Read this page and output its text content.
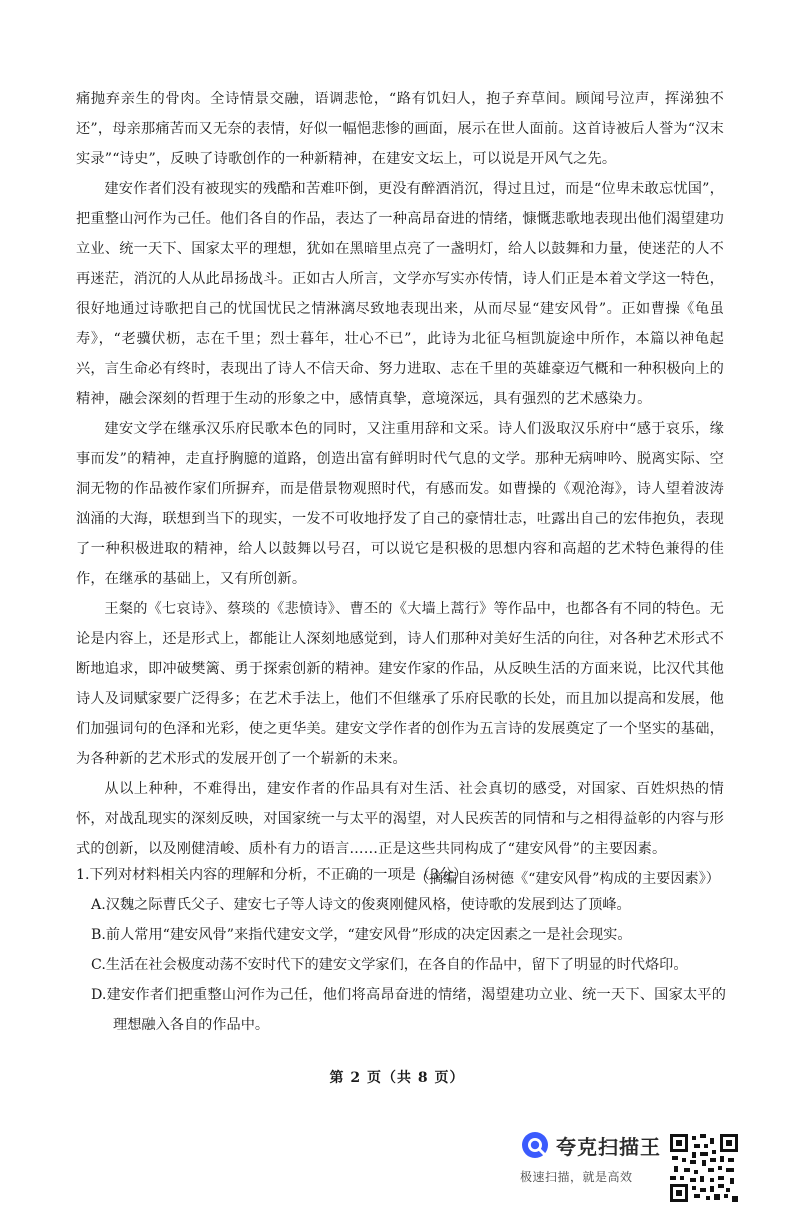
痛抛弃亲生的骨肉。全诗情景交融，语调悲怆，“路有饥妇人，抱子弃草间。顾闻号泣声，挥涕独不还”，母亲那痛苦而又无奈的表情，好似一幅悒悲惨的画面，展示在世人面前。这首诗被后人誉为“汉末实录”“诗史”，反映了诗歌创作的一种新精神，在建安文坛上，可以说是开风气之先。

建安作者们没有被现实的残酷和苦难吓倒，更没有醉酒消沉，得过且过，而是“位卑未敢忘忧国”，把重整山河作为己任。他们各自的作品，表达了一种高昂奋进的情绪，慷慨悲歌地表现出他们渴望建功立业、统一天下、国家太平的理想，犹如在黑暗里点亮了一盏明灯，给人以鼓舞和力量，使迷茫的人不再迷茫，消沉的人从此昂扬战斗。正如古人所言，文学亦写实亦传情，诗人们正是本着文学这一特色，很好地通过诗歌把自己的忧国忧民之情淋漓尽致地表现出来，从而尽显“建安风骨”。正如曹操《龟虽寿》，“老骥伏枥，志在千里；烈士暮年，壮心不已”，此诗为北征乌桓凯旋途中所作，本篇以神龟起兴，言生命必有终时，表现出了诗人不信天命、努力进取、志在千里的英雄豪迈气概和一种积极向上的精神，融会深刻的哲理于生动的形象之中，感情真挚，意境深远，具有强烈的艺术感染力。

建安文学在继承汉乐府民歌本色的同时，又注重用辞和文采。诗人们汲取汉乐府中“感于哀乐，缘事而发”的精神，走直抒胸臆的道路，创造出富有鲜明时代气息的文学。那种无病呻吟、脱离实际、空洞无物的作品被作家们所摒弃，而是借景物观照时代，有感而发。如曹操的《观沧海》，诗人望着波涛汹涌的大海，联想到当下的现实，一发不可收地抒发了自己的豪情壮志，吐露出自己的宏伟抱负，表现了一种积极进取的精神，给人以鼓舞以号召，可以说它是积极的思想内容和高超的艺术特色兼得的佳作，在继承的基础上，又有所创新。

王粲的《七哀诗》、蔡琰的《悲愤诗》、曹丕的《大墙上蒿行》等作品中，也都各有不同的特色。无论是内容上，还是形式上，都能让人深刻地感觉到，诗人们那种对美好生活的向往，对各种艺术形式不断地追求，即冲破樊篱、勇于探索创新的精神。建安作家的作品，从反映生活的方面来说，比汉代其他诗人及词赋家要广泛得多；在艺术手法上，他们不但继承了乐府民歌的长处，而且加以提高和发展，他们加强词句的色泽和光彩，使之更华美。建安文学作者的创作为五言诗的发展奠定了一个坚实的基础，为各种新的艺术形式的发展开创了一个崭新的未来。

从以上种种，不难得出，建安作者的作品具有对生活、社会真切的感受，对国家、百姓炽热的情怀，对战乱现实的深刻反映，对国家统一与太平的渴望，对人民疾苦的同情和与之相得益彰的内容与形式的创新，以及刚健清峻、质朴有力的语言……正是这些共同构成了“建安风骨”的主要因素。

（摘编自汤树德《“建安风骨”构成的主要因素》）

1.下列对材料相关内容的理解和分析，不正确的一项是（3分）

A.汉魏之际曹氏父子、建安七子等人诗文的俊爽刚健风格，使诗歌的发展到达了顶峰。

B.前人常用“建安风骨”来指代建安文学，“建安风骨”形成的决定因素之一是社会现实。

C.生活在社会极度动荡不安时代下的建安文学家们，在各自的作品中，留下了明显的时代烙印。

D.建安作者们把重整山河作为己任，他们将高昂奋进的情绪，渴望建功立业、统一天下、国家太平的理想融入各自的作品中。

第 2 页（共 8 页）
夸克扫描王
极速扫描，就是高效
